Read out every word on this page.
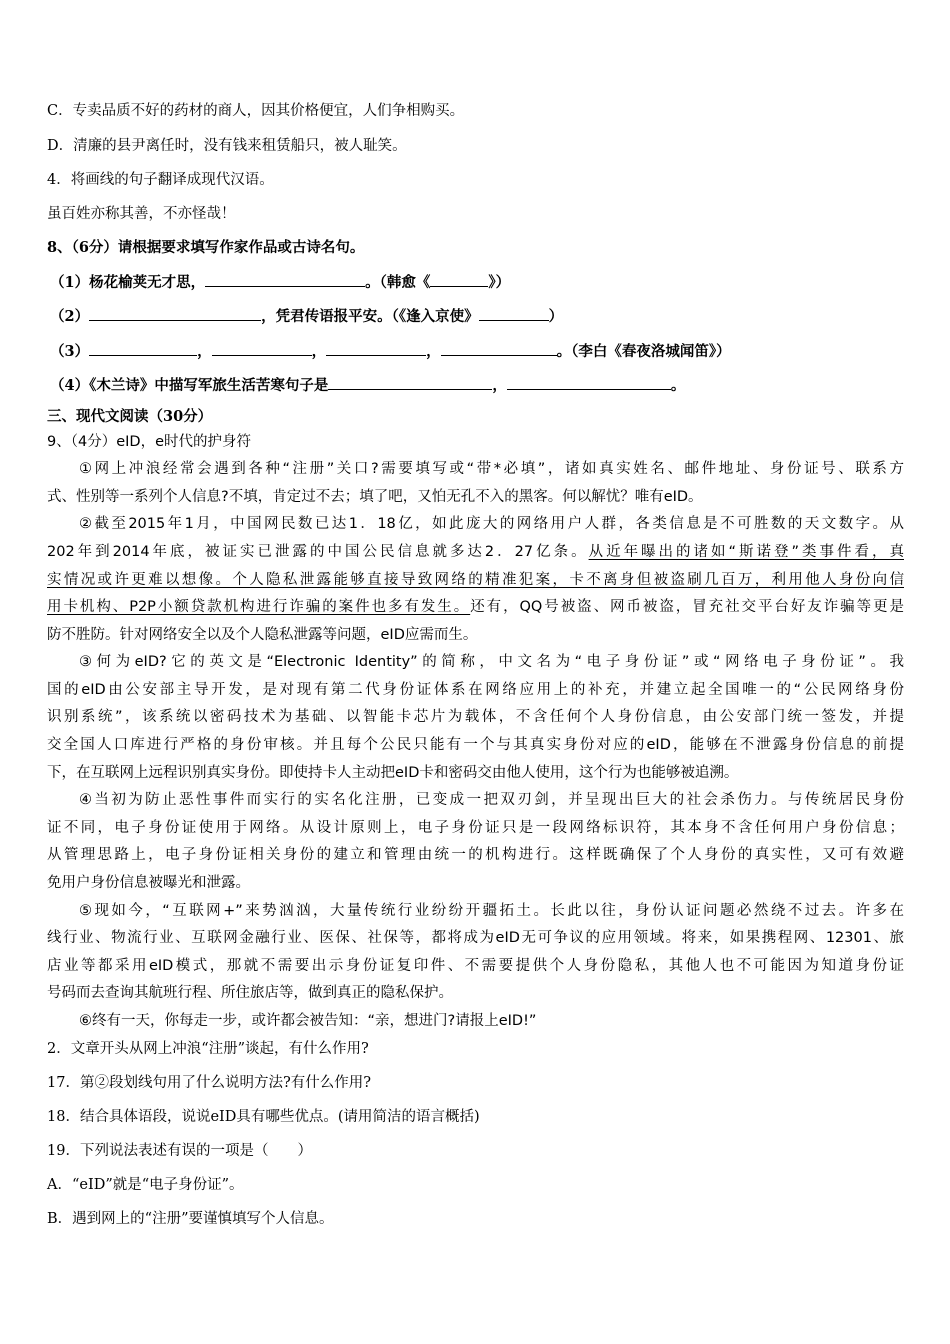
C．专卖品质不好的药材的商人，因其价格便宜，人们争相购买。
D．清廉的县尹离任时，没有钱来租赁船只，被人耻笑。
4．将画线的句子翻译成现代汉语。
虽百姓亦称其善，不亦怪哉！
8、（6分）请根据要求填写作家作品或古诗名句。
（1）杨花榆荚无才思，	。（韩愈《	》）
（2）	，凭君传语报平安。（《逢入京使》	）
（3）	，	，	，	。（李白《春夜洛城闻笛》）
（4）《木兰诗》中描写军旅生活苦寒句子是	，	。
三、现代文阅读（30分）
9、（4分）eID，e时代的护身符
①网上冲浪经常会遇到各种“注册”关口?需要填写或“带*必填”，诸如真实姓名、邮件地址、身份证号、联系方
式、性别等一系列个人信息?不填，肯定过不去；填了吧，又怕无孔不入的黑客。何以解忧？唯有eID。
②截至2015年1月，中国网民数已达1．18亿，如此庞大的网络用户人群，各类信息是不可胜数的天文数字。从
202年到2014年底，被证实已泄露的中国公民信息就多达2．27亿条。从近年曝出的诸如“斯诺登”类事件看，真
实情况或许更难以想像。个人隐私泄露能够直接导致网络的精准犯案，卡不离身但被盗刷几百万，利用他人身份向信
用卡机构、P2P小额贷款机构进行诈骗的案件也多有发生。还有，QQ号被盗、网币被盗，冒充社交平台好友诈骗等更是
防不胜防。针对网络安全以及个人隐私泄露等问题，eID应需而生。
③何为eID?它的英文是“Electronic Identity”的简称，中文名为“电子身份证”或“网络电子身份证”。我
国的eID由公安部主导开发，是对现有第二代身份证体系在网络应用上的补充，并建立起全国唯一的“公民网络身份
识别系统”，该系统以密码技术为基础、以智能卡芯片为载体，不含任何个人身份信息，由公安部门统一签发，并提
交全国人口库进行严格的身份审核。并且每个公民只能有一个与其真实身份对应的eID，能够在不泄露身份信息的前提
下，在互联网上远程识别真实身份。即使持卡人主动把eID卡和密码交由他人使用，这个行为也能够被追溯。
④当初为防止恶性事件而实行的实名化注册，已变成一把双刃剑，并呈现出巨大的社会杀伤力。与传统居民身份
证不同，电子身份证使用于网络。从设计原则上，电子身份证只是一段网络标识符，其本身不含任何用户身份信息；
从管理思路上，电子身份证相关身份的建立和管理由统一的机构进行。这样既确保了个人身份的真实性，又可有效避
免用户身份信息被曝光和泄露。
⑤现如今，“互联网+”来势汹汹，大量传统行业纷纷开疆拓土。长此以往，身份认证问题必然绕不过去。许多在
线行业、物流行业、互联网金融行业、医保、社保等，都将成为eID无可争议的应用领域。将来，如果携程网、12301、旅
店业等都采用eID模式，那就不需要出示身份证复印件、不需要提供个人身份隐私，其他人也不可能因为知道身份证
号码而去查询其航班行程、所住旅店等，做到真正的隐私保护。
⑥终有一天，你每走一步，或许都会被告知：“亲，想进门?请报上eID!”
2．文章开头从网上冲浪“注册”谈起，有什么作用?
17．第②段划线句用了什么说明方法?有什么作用?
18．结合具体语段，说说eID具有哪些优点。(请用简洁的语言概括)
19．下列说法表述有误的一项是（　　）
A．“eID”就是“电子身份证”。
B．遇到网上的“注册”要谨慎填写个人信息。
